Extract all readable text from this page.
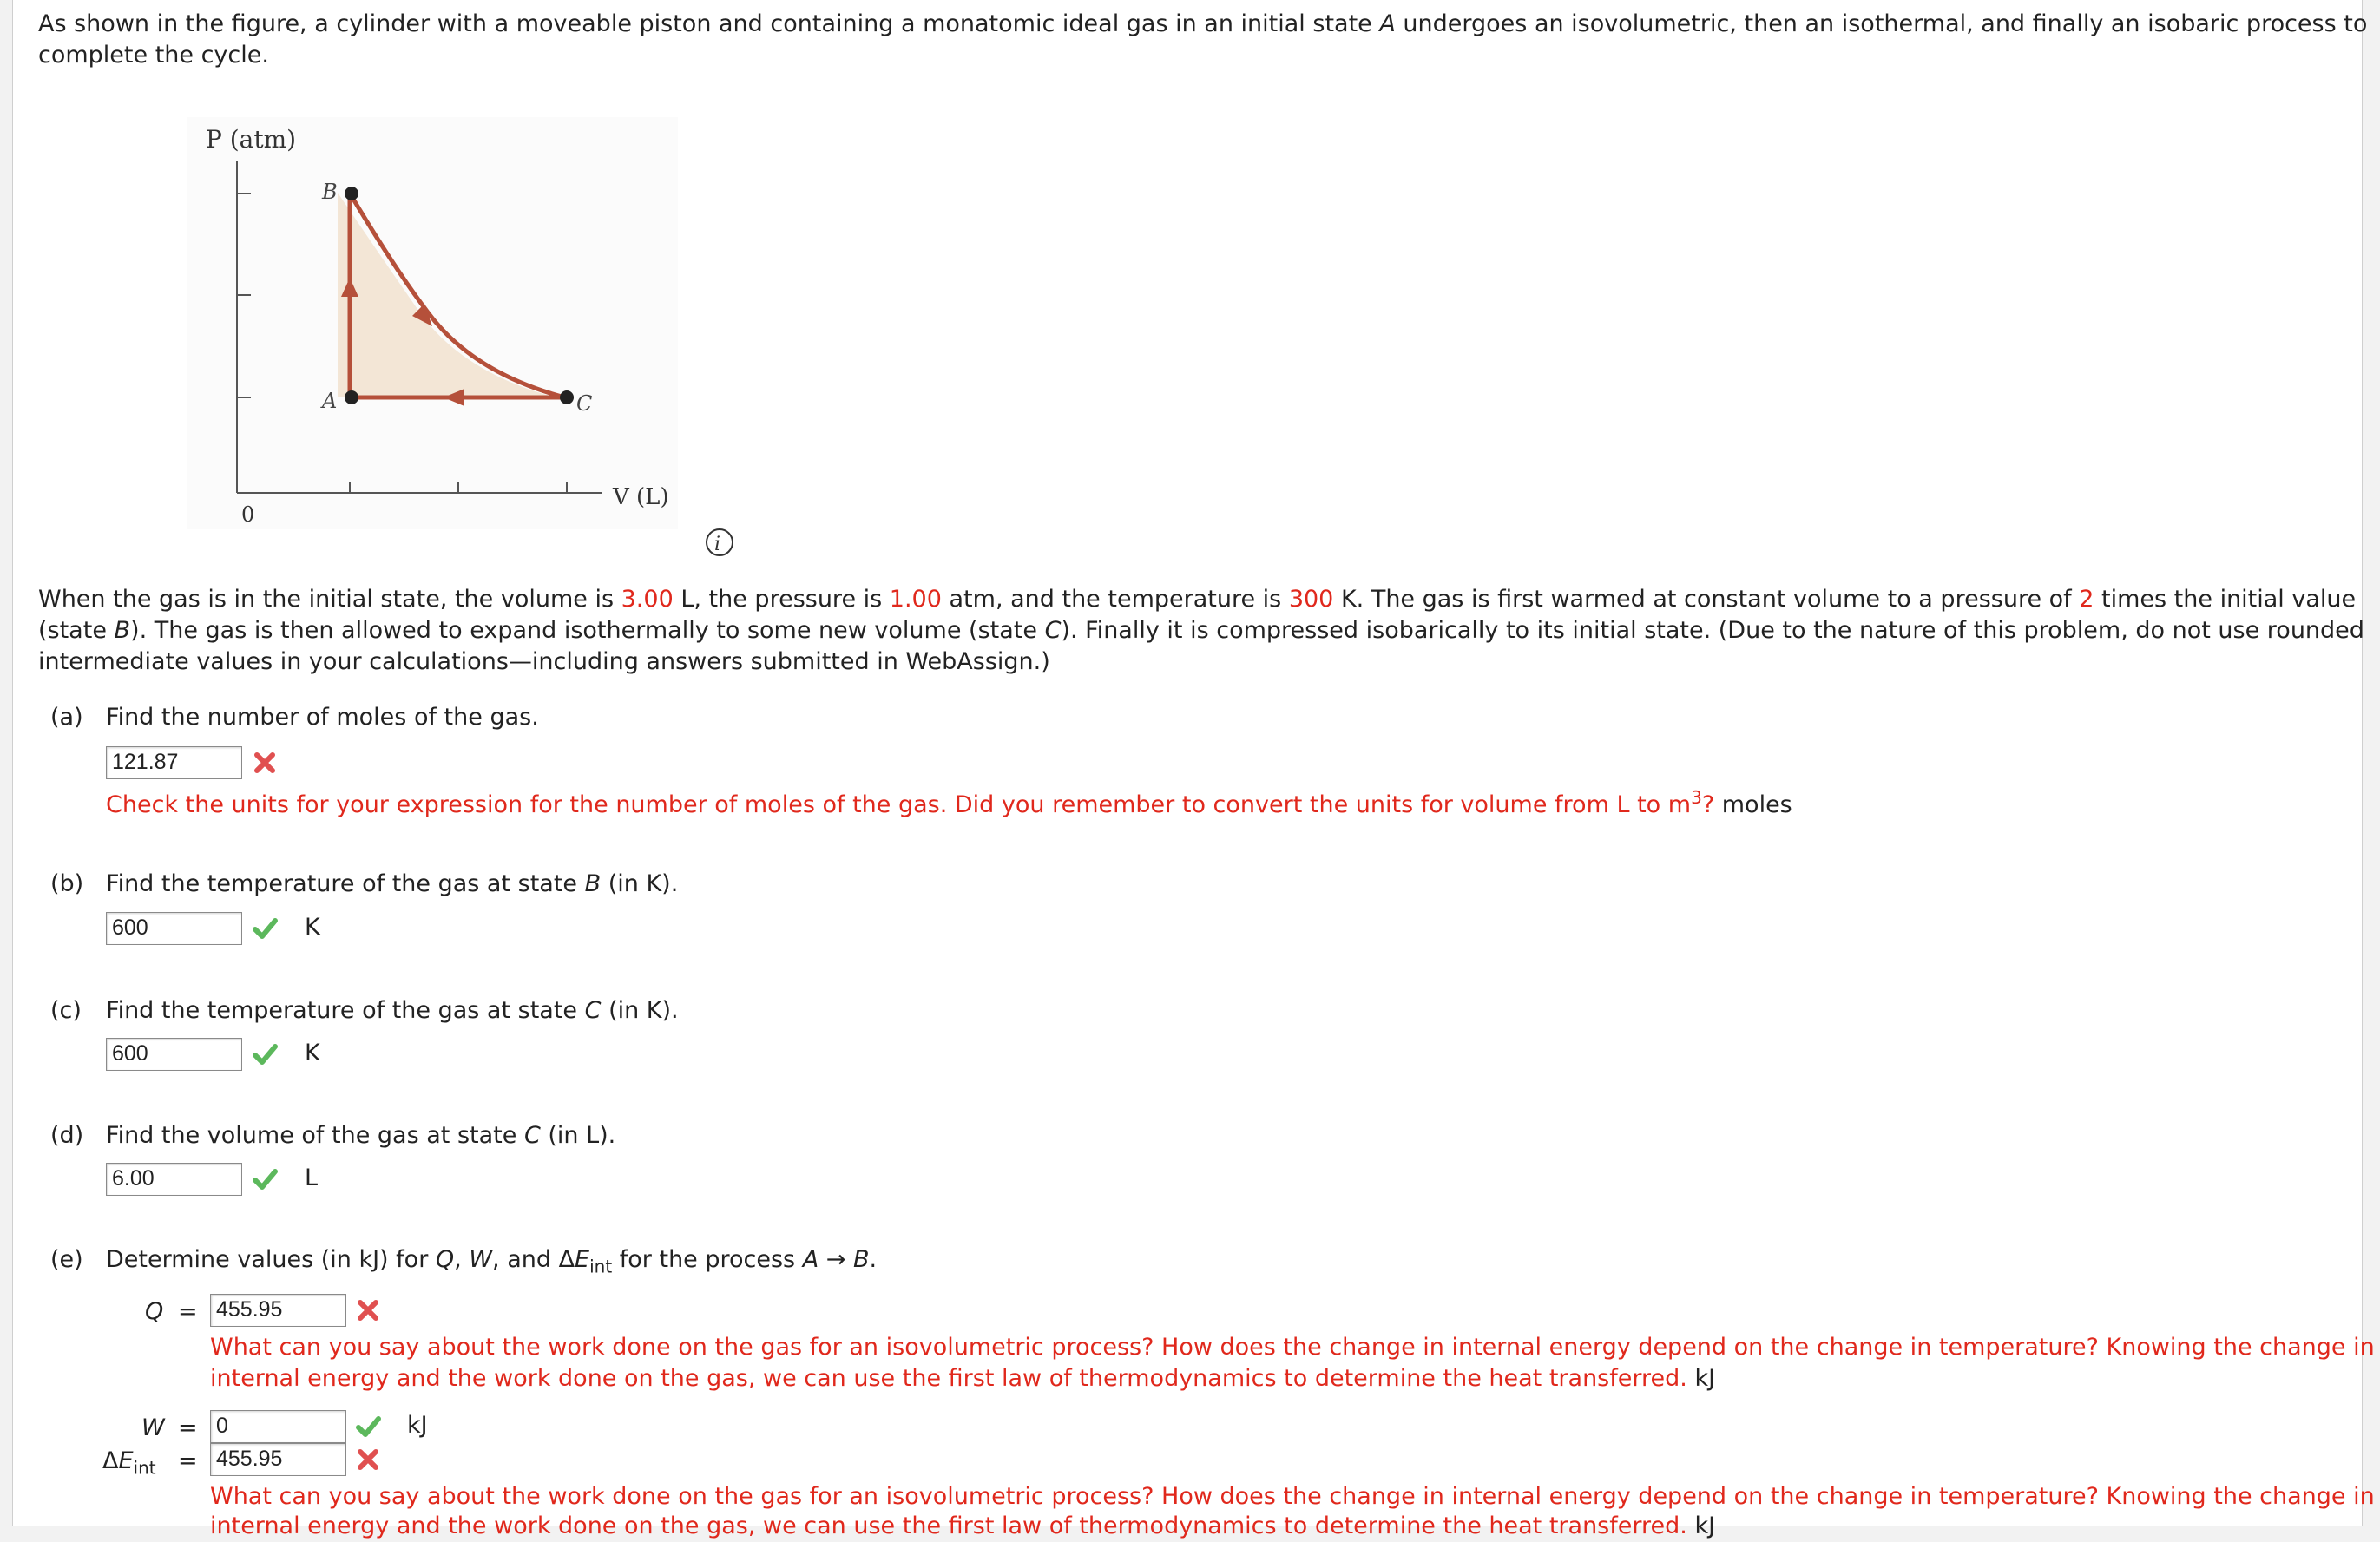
As shown in the figure, a cylinder with a moveable piston and containing a monatomic ideal gas in an initial state A undergoes an isovolumetric, then an isothermal, and finally an isobaric process to
complete the cycle.
P (atm)
V (L)
0
B
A	C
i
When the gas is in the initial state, the volume is 3.00 L, the pressure is 1.00 atm, and the temperature is 300 K. The gas is first warmed at constant volume to a pressure of 2 times the initial value
(state B). The gas is then allowed to expand isothermally to some new volume (state C). Finally it is compressed isobarically to its initial state. (Due to the nature of this problem, do not use rounded
intermediate values in your calculations—including answers submitted in WebAssign.)
(a) Find the number of moles of the gas.
121.87
Check the units for your expression for the number of moles of the gas. Did you remember to convert the units for volume from L to $m^3$? moles
(b) Find the temperature of the gas at state B (in K).
600	K
(c) Find the temperature of the gas at state C (in K).
600	K
(d) Find the volume of the gas at state C (in L).
6.00	L
(e) Determine values (in kJ) for Q, W, and $\Delta E_{int}$ for the process A → B.
Q = 455.95
What can you say about the work done on the gas for an isovolumetric process? How does the change in internal energy depend on the change in temperature? Knowing the change in
internal energy and the work done on the gas, we can use the first law of thermodynamics to determine the heat transferred. kJ
W = 0	kJ
$\Delta E_{int} = 455.95$
What can you say about the work done on the gas for an isovolumetric process? How does the change in internal energy depend on the change in temperature? Knowing the change in
internal energy and the work done on the gas, we can use the first law of thermodynamics to determine the heat transferred. kJ
